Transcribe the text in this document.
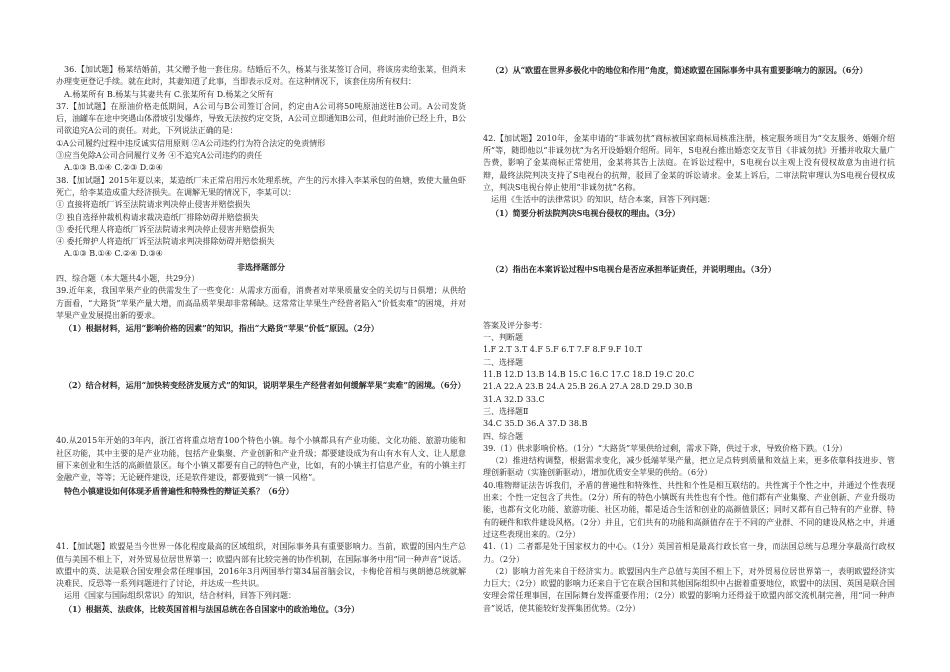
36.【加试题】杨某结婚前，其父赠予他一套住房。结婚后不久，杨某与张某签订合同，将该房卖给张某，但尚未办理变更登记手续。就在此时，其妻知道了此事，当即表示反对。在这种情况下，该套住房所有权归：

A.杨某所有 B.杨某与其妻共有 C.张某所有 D.杨某之父所有

37.【加试题】在原油价格走低期间，A公司与B公司签订合同，约定由A公司将50吨原油送往B公司。A公司发货后，油罐车在途中突遇山体滑坡引发爆炸，导致无法按约定交货，A公司立即通知B公司，但此时油价已经上升，B公司欲追究A公司的责任。对此，下列说法正确的是：

①A公司履约过程中违反诚实信用原则 ②A公司违约行为符合法定的免责情形

③应当免除A公司合同履行义务 ④不追究A公司违约的责任

A.①③ B.①④ C.②③ D.②④

38.【加试题】2015年夏以来，某造纸厂未正常启用污水处理系统，产生的污水排入李某承包的鱼塘，致使大量鱼虾死亡，给李某造成重大经济损失。在调解无果的情况下，李某可以：

① 直接将造纸厂诉至法院请求判决停止侵害并赔偿损失

② 独自选择仲裁机构请求裁决造纸厂排除妨碍并赔偿损失

③ 委托代理人将造纸厂诉至法院请求判决停止侵害并赔偿损失

④ 委托辩护人将造纸厂诉至法院请求判决排除妨碍并赔偿损失

A.①③ B.①④ C.②④ D.③④

非选择题部分

四、综合题（本大题共4小题，共29分）

39.近年来，我国苹果产业的供需发生了一些变化：从需求方面看，消费者对苹果质量安全的关切与日俱增；从供给方面看，“大路货”苹果产量大增，而高品质苹果却非常稀缺。这常常让苹果生产经营者陷入“价低卖难”的困境，并对苹果产业发展提出新的要求。

（1）根据材料，运用“影响价格的因素”的知识，指出“大路货”苹果“价低”原因。（2分）

（2）结合材料，运用“加快转变经济发展方式”的知识，说明苹果生产经营者如何缓解苹果“卖难”的困境。（6分）

40.从2015年开始的3年内，浙江省将重点培育100个特色小镇。每个小镇都具有产业功能、文化功能、旅游功能和社区功能，其中主要的是产业功能，包括产业集聚、产业创新和产业升级；都要建设成为有山有水有人文、让人愿意留下来创业和生活的高颜值景区。每个小镇又都要有自己的特色产业，比如，有的小镇主打信息产业，有的小镇主打金融产业，等等；无论硬件建设，还是软件建设，都要做到“一镇一风格”。

特色小镇建设如何体现矛盾普遍性和特殊性的辩证关系？（6分）

41.【加试题】欧盟是当今世界一体化程度最高的区域组织，对国际事务具有重要影响力。当前，欧盟的国内生产总值与美国不相上下，对外贸易位居世界第一；欧盟内部有比较完善的协作机制，在国际事务中用“同一种声音”说话。欧盟中的英、法是联合国安理会常任理事国，2016年3月两国举行第34届首脑会议，卡梅伦首相与奥朗德总统就解决难民、反恐等一系列问题进行了讨论，并达成一些共识。

运用《国家与国际组织常识》的知识，结合材料，回答下列问题：

（1）根据英、法政体，比较英国首相与法国总统在各自国家中的政治地位。（3分）

（2）从“欧盟在世界多极化中的地位和作用”角度，简述欧盟在国际事务中具有重要影响力的原因。（6分）

42.【加试题】2010年，金某申请的“非诚勿扰”商标被国家商标局核准注册，核定服务项目为“交友服务、婚姻介绍所”等，随即他以“非诚勿扰”为名开设婚姻介绍所。同年，S电视台推出婚恋交友节目《非诚勿扰》开播并收取大量广告费，影响了金某商标正常使用，金某将其告上法庭。在诉讼过程中，S电视台以主观上没有侵权故意为由进行抗辩，最终法院判决支持了S电视台的抗辩，驳回了金某的诉讼请求。金某上诉后，二审法院审理认为S电视台侵权成立，判决S电视台停止使用“非诚勿扰”名称。

运用《生活中的法律常识》的知识，结合本案，回答下列问题：

（1）简要分析法院判决S电视台侵权的理由。（3分）

（2）指出在本案诉讼过程中S电视台是否应承担举证责任，并说明理由。（3分）

答案及评分参考：

一、判断题

1.F 2.T 3.T 4.F 5.F 6.T 7.F 8.F 9.F 10.T

二、选择题

11.B 12.D 13.B 14.B 15.C 16.C 17.C 18.D 19.C 20.C

21.A 22.A 23.B 24.A 25.B 26.A 27.A 28.D 29.D 30.B

31.A 32.D 33.C

三、选择题Ⅱ

34.C 35.D 36.A 37.D 38.B

四、综合题

39.（1）供求影响价格。（1分）“大路货”苹果供给过剩，需求下降，供过于求，导致价格下跌。（1分）

（2）推进结构调整，根据需求变化，减少低端苹果产量，把立足点转到质量和效益上来，更多依靠科技进步、管理创新驱动（实施创新驱动），增加优质安全苹果的供给。（6分）

40.唯物辩证法告诉我们，矛盾的普遍性和特殊性、共性和个性是相互联结的。共性寓于个性之中，并通过个性表现出来；个性一定包含了共性。（2分）所有的特色小镇既有共性也有个性。他们都有产业集聚、产业创新、产业升级功能，也都有文化功能、旅游功能、社区功能，都是适合生活和创业的高颜值景区；同时又都有自己特有的产业群、特有的硬件和软件建设风格。（2分）并且，它们共有的功能和高颜值存在于不同的产业群、不同的建设风格之中，并通过这些表现出来的。（2分）

41.（1）二者都是处于国家权力的中心。（1分）英国首相是最高行政长官一身，而法国总统与总理分享最高行政权力。（2分）

（2）影响力首先来自于经济实力。欧盟国内生产总值与美国不相上下，对外贸易位居世界第一，表明欧盟经济实力巨大；（2分）欧盟的影响力还来自于它在联合国和其他国际组织中占据着重要地位，欧盟中的法国、英国是联合国安理会常任理事国，在国际舞台发挥重要作用；（2分）欧盟的影响力还得益于欧盟内部交流机制完善，用“同一种声音”说话，使其能较好发挥集团优势。（2分）
